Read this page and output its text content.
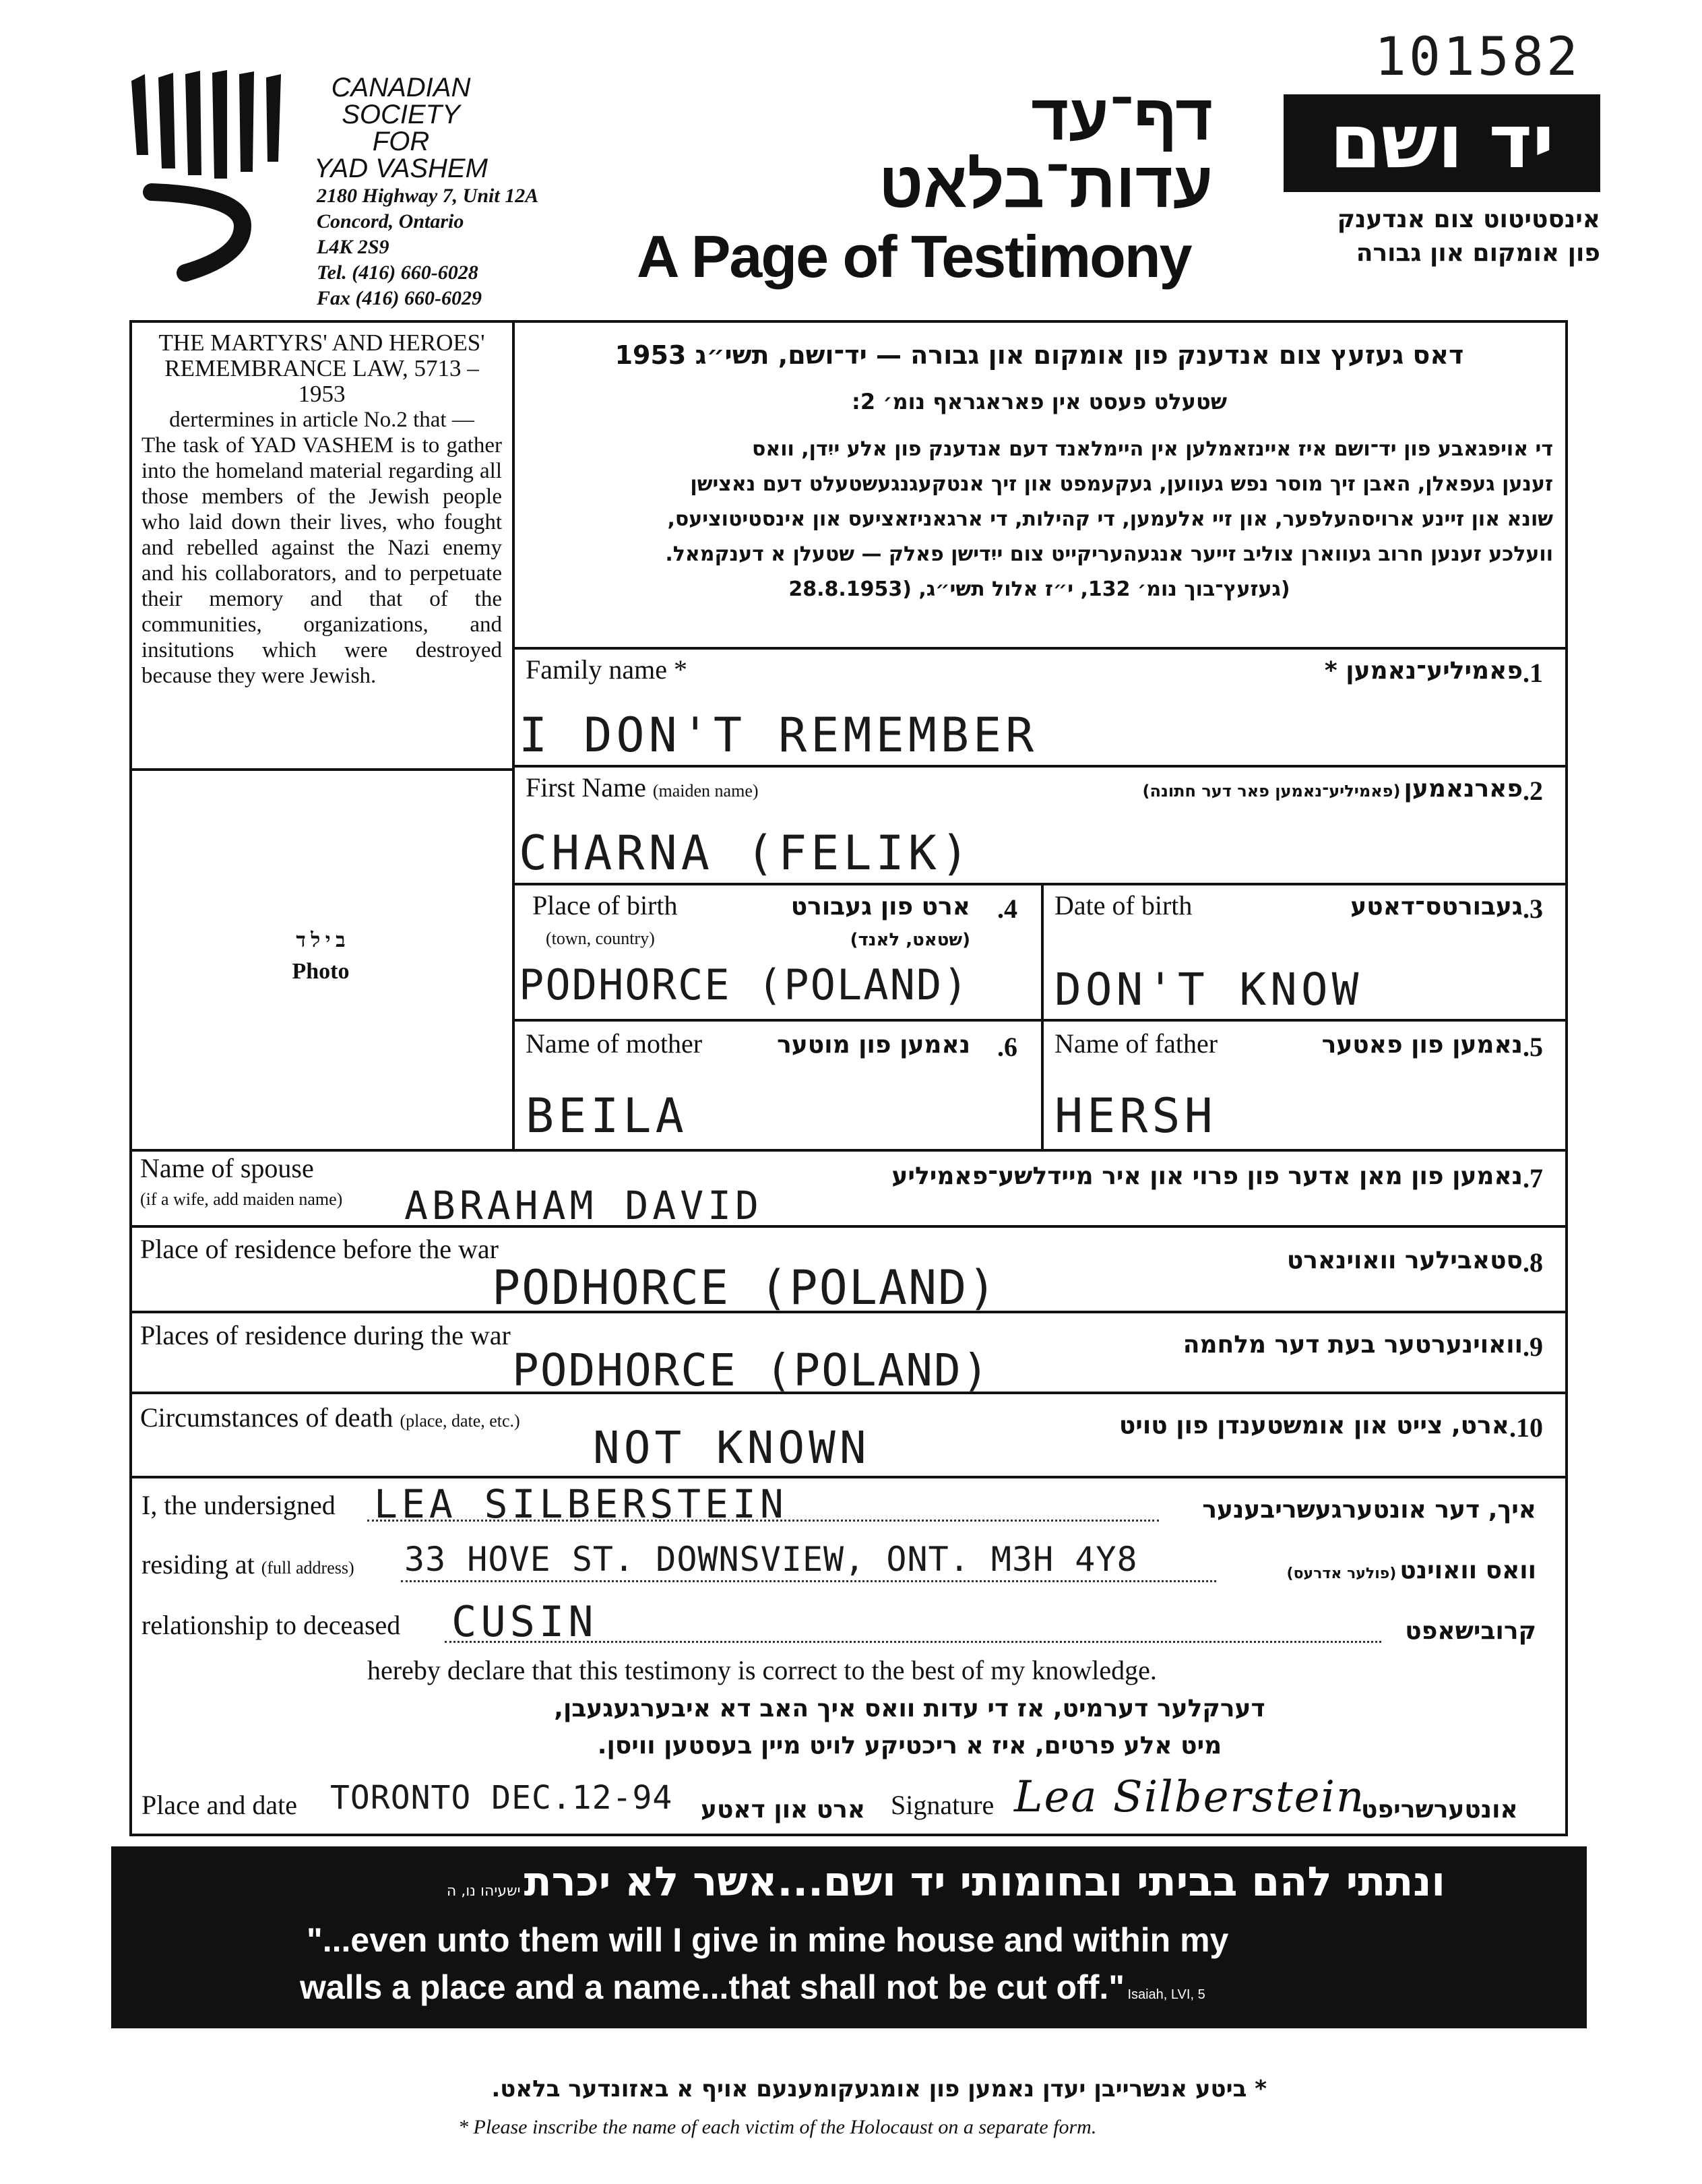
101582
CANADIAN
SOCIETY
FOR
YAD VASHEM
2180 Highway 7, Unit 12A
Concord, Ontario
L4K 2S9
Tel. (416) 660-6028
Fax (416) 660-6029
דף־עד
עדות־בלאט
A Page of Testimony
יד ושם
אינסטיטוט צום אנדענק
פון אומקום און גבורה
THE MARTYRS' AND HEROES' REMEMBRANCE LAW, 5713 – 1953
dertermines in article No.2 that —
The task of YAD VASHEM is to gather into the homeland material regarding all those members of the Jewish people who laid down their lives, who fought and rebelled against the Nazi enemy and his collaborators, and to perpetuate their memory and that of the communities, organizations, and insitutions which were destroyed because they were Jewish.
ב י ל ד
Photo
דאס געזעץ צום אנדענק פון אומקום און גבורה — יד־ושם, תשי״ג 1953
שטעלט פעסט אין פאראגראף נומ׳ 2:
די אויפגאבע פון יד־ושם איז איינזאמלען אין היימלאנד דעם אנדענק פון אלע ייִדן, וואס
זענען געפאלן, האבן זיך מוסר נפש געווען, געקעמפט און זיך אנטקעגנגעשטעלט דעם נאצישן
שונא און זיינע ארויסהעלפער, און זיי אלעמען, די קהילות, די ארגאניזאציעס און אינסטיטוציעס,
וועלכע זענען חרוב געווארן צוליב זייער אנגעהעריקייט צום ייִדישן פאלק — שטעלן א דענקמאל.
(געזעץ־בוך נומ׳ 132, י״ז אלול תשי״ג, (28.8.1953
Family name *	פאמיליע־נאמען * .1
I DON'T REMEMBER
First Name (maiden name)	פארנאמען (פאמיליע־נאמען פאר דער חתונה)	.2
CHARNA (FELIK)
Place of birth
(town, country)
ארט פון געבורט
(שטאט, לאנד)
.4
PODHORCE (POLAND)
Date of birth	געבורטס־דאטע .3
DON'T KNOW
Name of mother	נאמען פון מוטער .6
BEILA
Name of father	נאמען פון פאטער .5
HERSH
Name of spouse
(if a wife, add maiden name)
נאמען פון מאן אדער פון פרוי און איר מיידלשע־פאמיליע .7
ABRAHAM DAVID
Place of residence before the war	סטאבילער וואוינארט .8
PODHORCE (POLAND)
Places of residence during the war	וואוינערטער בעת דער מלחמה .9
PODHORCE (POLAND)
Circumstances of death (place, date, etc.)	ארט, צייט און אומשטענדן פון טויט .10
NOT KNOWN
I, the undersigned LEA SILBERSTEIN	איך, דער אונטערגעשריבענער
residing at (full address) 33 HOVE ST. DOWNSVIEW, ONT. M3H 4Y8	וואס וואוינט (פולער אדרעס)
relationship to deceased CUSIN	קרובישאפט
hereby declare that this testimony is correct to the best of my knowledge.
דערקלער דערמיט, אז די עדות וואס איך האב דא איבערגעגעבן,
מיט אלע פרטים, איז א ריכטיקע לויט מיין בעסטען וויסן.
Place and date TORONTO DEC.12-94 ארט און דאטע Signature Lea Silberstein
אונטערשריפט
ונתתי להם בביתי ובחומותי יד ושם...אשר לא יכרת ישעיהו נו, ה
"...even unto them will I give in mine house and within my
walls a place and a name...that shall not be cut off." Isaiah, LVI, 5
* ביטע אנשרייבן יעדן נאמען פון אומגעקומענעם אויף א באזונדער בלאט.
* Please inscribe the name of each victim of the Holocaust on a separate form.
